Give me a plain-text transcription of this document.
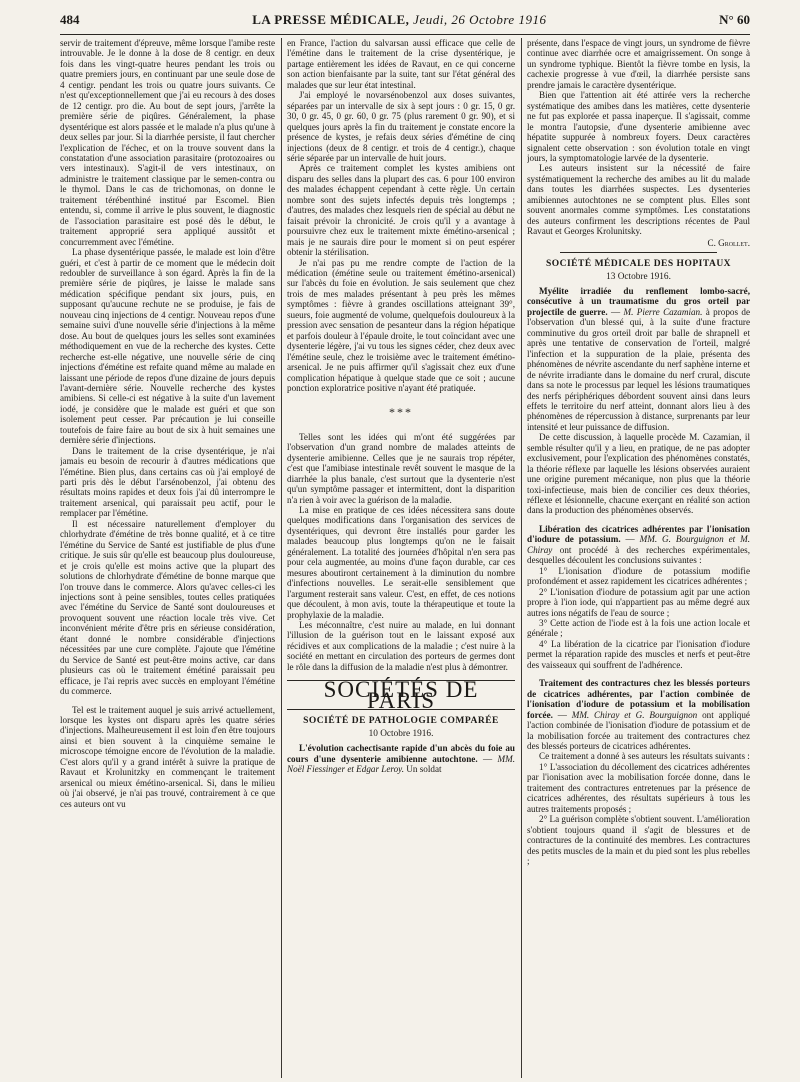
484	LA PRESSE MÉDICALE, Jeudi, 26 Octobre 1916	N° 60

servir de traitement d'épreuve, même lorsque l'amibe reste introuvable. Je le donne à la dose de 8 centigr. en deux fois dans les vingt-quatre heures pendant les trois ou quatre premiers jours, en continuant par une seule dose de 4 centigr. pendant les trois ou quatre jours suivants. Ce n'est qu'exceptionnellement que j'ai eu recours à des doses de 12 centigr. pro die. Au bout de sept jours, j'arrête la première série de piqûres. Généralement, la phase dysentérique est alors passée et le malade n'a plus qu'une à deux selles par jour. Si la diarrhée persiste, il faut chercher l'explication de l'échec, et on la trouve souvent dans la constatation d'une association parasitaire (protozoaires ou vers intestinaux). S'agit-il de vers intestinaux, on administre le traitement classique par le semen-contra ou le thymol. Dans le cas de trichomonas, on donne le traitement térébenthiné institué par Escomel. Bien entendu, si, comme il arrive le plus souvent, le diagnostic de l'association parasitaire est posé dès le début, le traitement approprié sera appliqué aussitôt et concurremment avec l'émétine.

La phase dysentérique passée, le malade est loin d'être guéri, et c'est à partir de ce moment que le médecin doit redoubler de surveillance à son égard. Après la fin de la première série de piqûres, je laisse le malade sans médication spécifique pendant six jours, puis, en supposant qu'aucune rechute ne se produise, je fais de nouveau cinq injections de 4 centigr. Nouveau repos d'une semaine suivi d'une nouvelle série d'injections à la même dose. Au bout de quelques jours les selles sont examinées méthodiquement en vue de la recherche des kystes. Cette recherche est-elle négative, une nouvelle série de cinq injections d'émétine est refaite quand même au malade en laissant une période de repos d'une dizaine de jours depuis l'avant-dernière série. Nouvelle recherche des kystes amibiens. Si celle-ci est négative à la suite d'un lavement iodé, je considère que le malade est guéri et que son isolement peut cesser. Par précaution je lui conseille toutefois de faire faire au bout de six à huit semaines une dernière série d'injections.

Dans le traitement de la crise dysentérique, je n'ai jamais eu besoin de recourir à d'autres médications que l'émétine. Bien plus, dans certains cas où j'ai employé de parti pris dès le début l'arsénobenzol, j'ai obtenu des résultats moins rapides et deux fois j'ai dû interrompre le traitement arsenical, qui paraissait peu actif, pour le remplacer par l'émétine.

Il est nécessaire naturellement d'employer du chlorhydrate d'émétine de très bonne qualité, et à ce titre l'émétine du Service de Santé est justifiable de plus d'une critique. Je suis sûr qu'elle est beaucoup plus douloureuse, et je crois qu'elle est moins active que la plupart des solutions de chlorhydrate d'émétine de bonne marque que l'on trouve dans le commerce. Alors qu'avec celles-ci les injections sont à peine sensibles, toutes celles pratiquées avec l'émétine du Service de Santé sont douloureuses et provoquent souvent une réaction locale très vive. Cet inconvénient mérite d'être pris en sérieuse considération, étant donné le nombre considérable d'injections nécessitées par une cure complète. J'ajoute que l'émétine du Service de Santé est peut-être moins active, car dans plusieurs cas où le traitement émétiné paraissait peu efficace, je l'ai repris avec succès en employant l'émétine du commerce.

Tel est le traitement auquel je suis arrivé actuellement, lorsque les kystes ont disparu après les quatre séries d'injections. Malheureusement il est loin d'en être toujours ainsi et bien souvent à la cinquième semaine le microscope témoigne encore de l'évolution de la maladie. C'est alors qu'il y a grand intérêt à suivre la pratique de Ravaut et Krolunitzky en commençant le traitement arsenical ou mieux émétino-arsenical. Si, dans le milieu où j'ai observé, je n'ai pas trouvé, contrairement à ce que ces auteurs ont vu

en France, l'action du salvarsan aussi efficace que celle de l'émétine dans le traitement de la crise dysentérique, je partage entièrement les idées de Ravaut, en ce qui concerne son action bienfaisante par la suite, tant sur l'état général des malades que sur leur état intestinal.

J'ai employé le novarsénobenzol aux doses suivantes, séparées par un intervalle de six à sept jours : 0 gr. 15, 0 gr. 30, 0 gr. 45, 0 gr. 60, 0 gr. 75 (plus rarement 0 gr. 90), et si quelques jours après la fin du traitement je constate encore la présence de kystes, je refais deux séries d'émétine de cinq injections (deux de 8 centigr. et trois de 4 centigr.), chaque série séparée par un intervalle de huit jours.

Après ce traitement complet les kystes amibiens ont disparu des selles dans la plupart des cas. 6 pour 100 environ des malades échappent cependant à cette règle. Un certain nombre sont des sujets infectés depuis très longtemps ; d'autres, des malades chez lesquels rien de spécial au début ne faisait prévoir la chronicité. Je crois qu'il y a avantage à poursuivre chez eux le traitement mixte émétino-arsenical ; mais je ne saurais dire pour le moment si on peut espérer obtenir la stérilisation.

Je n'ai pas pu me rendre compte de l'action de la médication (émétine seule ou traitement émétino-arsenical) sur l'abcès du foie en évolution. Je sais seulement que chez trois de mes malades présentant à peu près les mêmes symptômes : fièvre à grandes oscillations atteignant 39°, sueurs, foie augmenté de volume, quelquefois douloureux à la pression avec sensation de pesanteur dans la région hépatique et parfois douleur à l'épaule droite, le tout coïncidant avec une dysenterie légère, j'ai vu tous les signes céder, chez deux avec l'émétine seule, chez le troisième avec le traitement émétino-arsenical. Je ne puis affirmer qu'il s'agissait chez eux d'une complication hépatique à quelque stade que ce soit ; aucune ponction exploratrice positive n'ayant été pratiquée.

***

Telles sont les idées qui m'ont été suggérées par l'observation d'un grand nombre de malades atteints de dysenterie amibienne. Celles que je ne saurais trop répéter, c'est que l'amibiase intestinale revêt souvent le masque de la diarrhée la plus banale, c'est surtout que la dysenterie n'est qu'un symptôme passager et intermittent, dont la disparition n'a rien à voir avec la guérison de la maladie.

La mise en pratique de ces idées nécessitera sans doute quelques modifications dans l'organisation des services de dysentériques, qui devront être installés pour garder les malades beaucoup plus longtemps qu'on ne le faisait généralement. La totalité des journées d'hôpital n'en sera pas pour cela augmentée, au moins d'une façon durable, car ces mesures aboutiront certainement à la diminution du nombre d'infections nouvelles. Le serait-elle sensiblement que l'argument resterait sans valeur. C'est, en effet, de ces notions que découlent, à mon avis, toute la thérapeutique et toute la prophylaxie de la maladie.

Les méconnaître, c'est nuire au malade, en lui donnant l'illusion de la guérison tout en le laissant exposé aux récidives et aux complications de la maladie ; c'est nuire à la société en mettant en circulation des porteurs de germes dont le rôle dans la diffusion de la maladie n'est plus à démontrer.

SOCIÉTÉS DE PARIS
SOCIÉTÉ DE PATHOLOGIE COMPARÉE
10 Octobre 1916.

L'évolution cachectisante rapide d'un abcès du foie au cours d'une dysenterie amibienne autochtone. — MM. Noël Fiessinger et Edgar Leroy. Un soldat

présente, dans l'espace de vingt jours, un syndrome de fièvre continue avec diarrhée ocre et amaigrissement. On songe à un syndrome typhique. Bientôt la fièvre tombe en lysis, la cachexie progresse à vue d'œil, la diarrhée persiste sans prendre jamais le caractère dysentérique.

Bien que l'attention ait été attirée vers la recherche systématique des amibes dans les matières, cette dysenterie ne fut pas explorée et passa inaperçue. Il s'agissait, comme le montra l'autopsie, d'une dysenterie amibienne avec hépatite suppurée à nombreux foyers. Deux caractères signalent cette observation : son évolution totale en vingt jours, la symptomatologie larvée de la dysenterie.

Les auteurs insistent sur la nécessité de faire systématiquement la recherche des amibes au lit du malade dans toutes les diarrhées suspectes. Les dysenteries amibiennes autochtones ne se comptent plus. Elles sont souvent anormales comme symptômes. Les constatations des auteurs confirment les descriptions récentes de Paul Ravaut et Georges Krolunitsky.

C. Grollet.
SOCIÉTÉ MÉDICALE DES HOPITAUX
13 Octobre 1916.

Myélite irradiée du renflement lombo-sacré, consécutive à un traumatisme du gros orteil par projectile de guerre. — M. Pierre Cazamian. à propos de l'observation d'un blessé qui, à la suite d'une fracture comminutive du gros orteil droit par balle de shrapnell et après une tentative de conservation de l'orteil, malgré l'infection et la suppuration de la plaie, présenta des phénomènes de névrite ascendante du nerf saphène interne et de névrite irradiante dans le domaine du nerf crural, discute dans sa note le processus par lequel les lésions traumatiques des nerfs périphériques débordent souvent ainsi dans leurs effets le territoire du nerf atteint, donnant alors lieu à des phénomènes de répercussion à distance, surprenants par leur intensité et leur puissance de diffusion.

De cette discussion, à laquelle procède M. Cazamian, il semble résulter qu'il y a lieu, en pratique, de ne pas adopter exclusivement, pour l'explication des phénomènes constatés, la théorie réflexe par laquelle les lésions observées auraient une origine purement mécanique, non plus que la théorie toxi-infectieuse, mais bien de concilier ces deux théories, réflexe et lésionnelle, chacune exerçant en réalité son action dans la production des phénomènes observés.

Libération des cicatrices adhérentes par l'ionisation d'iodure de potassium. — MM. G. Bourguignon et M. Chiray ont procédé à des recherches expérimentales, desquelles découlent les conclusions suivantes :

1° L'ionisation d'iodure de potassium modifie profondément et assez rapidement les cicatrices adhérentes ;

2° L'ionisation d'iodure de potassium agit par une action propre à l'ion iode, qui n'appartient pas au même degré aux autres ions négatifs de l'eau de source ;

3° Cette action de l'iode est à la fois une action locale et générale ;

4° La libération de la cicatrice par l'ionisation d'iodure permet la réparation rapide des muscles et nerfs et peut-être des vaisseaux qui souffrent de l'adhérence.

Traitement des contractures chez les blessés porteurs de cicatrices adhérentes, par l'action combinée de l'ionisation d'iodure de potassium et la mobilisation forcée. — MM. Chiray et G. Bourguignon ont appliqué l'action combinée de l'ionisation d'iodure de potassium et de la mobilisation forcée au traitement des contractures chez des blessés porteurs de cicatrices adhérentes.

Ce traitement a donné à ses auteurs les résultats suivants :

1° L'association du décollement des cicatrices adhérentes par l'ionisation avec la mobilisation forcée donne, dans le traitement des contractures entretenues par la présence de cicatrices adhérentes, des résultats supérieurs à tous les autres traitements proposés ;

2° La guérison complète s'obtient souvent. L'amélioration s'obtient toujours quand il s'agit de blessures et de contractures de la continuité des membres. Les contractures des petits muscles de la main et du pied sont les plus rebelles ;
